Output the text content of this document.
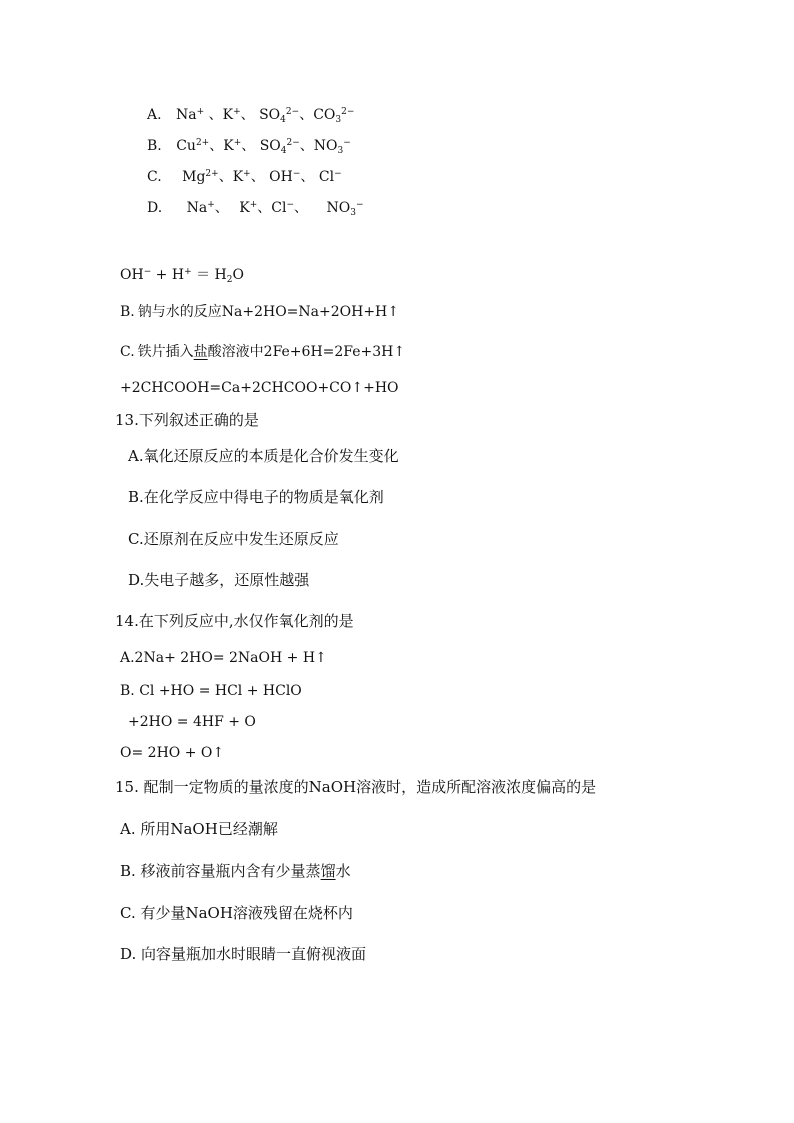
A. Na+ 、K+、 $SO_4^{2-}$、$CO_3^{2-}$
B. $Cu^{2+}$、K+、 $SO_4^{2-}$、$NO_3^-$
C. $Mg^{2+}$、K+、 OH−、 Cl−
D. Na+、 K+、Cl−、 $NO_3^-$
$OH^- + H^+ = H_2O$
B. 钠与水的反应Na+2HO=Na+2OH+H↑
C. 铁片插入盐酸溶液中2Fe+6H=2Fe+3H↑
+2CHCOOH=Ca+2CHCOO+CO↑+HO
13.下列叙述正确的是
A.氧化还原反应的本质是化合价发生变化
B.在化学反应中得电子的物质是氧化剂
C.还原剂在反应中发生还原反应
D.失电子越多，还原性越强
14.在下列反应中,水仅作氧化剂的是
A.2Na+ 2HO= 2NaOH + H↑
B. Cl +HO = HCl + HClO
+2HO = 4HF + O
O= 2HO + O↑
15. 配制一定物质的量浓度的NaOH溶液时，造成所配溶液浓度偏高的是
A. 所用NaOH已经潮解
B. 移液前容量瓶内含有少量蒸馏水
C. 有少量NaOH溶液残留在烧杯内
D. 向容量瓶加水时眼睛一直俯视液面
